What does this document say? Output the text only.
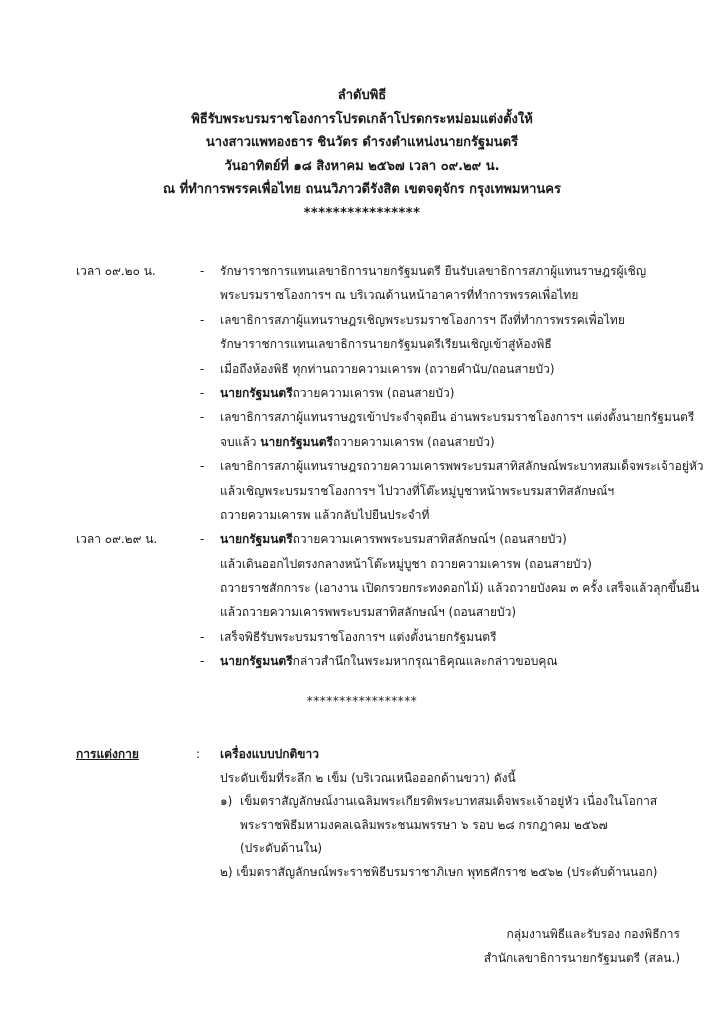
ลำดับพิธี
พิธีรับพระบรมราชโองการโปรดเกล้าโปรดกระหม่อมแต่งตั้งให้
นางสาวแพทองธาร ชินวัตร ดำรงตำแหน่งนายกรัฐมนตรี
วันอาทิตย์ที่ ๑๘ สิงหาคม ๒๕๖๗ เวลา ๐๙.๒๙ น.
ณ ที่ทำการพรรคเพื่อไทย ถนนวิภาวดีรังสิต เขตจตุจักร กรุงเทพมหานคร
****************
เวลา ๐๙.๒๐ น.	- รักษาราชการแทนเลขาธิการนายกรัฐมนตรี ยืนรับเลขาธิการสภาผู้แทนราษฎรผู้เชิญ
พระบรมราชโองการฯ ณ บริเวณด้านหน้าอาคารที่ทำการพรรคเพื่อไทย
- เลขาธิการสภาผู้แทนราษฎรเชิญพระบรมราชโองการฯ ถึงที่ทำการพรรคเพื่อไทย
รักษาราชการแทนเลขาธิการนายกรัฐมนตรีเรียนเชิญเข้าสู่ห้องพิธี
- เมื่อถึงห้องพิธี ทุกท่านถวายความเคารพ (ถวายคำนับ/ถอนสายบัว)
- นายกรัฐมนตรีถวายความเคารพ (ถอนสายบัว)
- เลขาธิการสภาผู้แทนราษฎรเข้าประจำจุดยืน อ่านพระบรมราชโองการฯ แต่งตั้งนายกรัฐมนตรี
จบแล้ว นายกรัฐมนตรีถวายความเคารพ (ถอนสายบัว)
- เลขาธิการสภาผู้แทนราษฎรถวายความเคารพพระบรมสาทิสลักษณ์พระบาทสมเด็จพระเจ้าอยู่หัว
แล้วเชิญพระบรมราชโองการฯ ไปวางที่โต๊ะหมู่บูชาหน้าพระบรมสาทิสลักษณ์ฯ
ถวายความเคารพ แล้วกลับไปยืนประจำที่
เวลา ๐๙.๒๙ น.	- นายกรัฐมนตรีถวายความเคารพพระบรมสาทิสลักษณ์ฯ (ถอนสายบัว)
แล้วเดินออกไปตรงกลางหน้าโต๊ะหมู่บูชา ถวายความเคารพ (ถอนสายบัว)
ถวายราชสักการะ (เอางาน เปิดกรวยกระทงดอกไม้) แล้วถวายบังคม ๓ ครั้ง เสร็จแล้วลุกขึ้นยืน
แล้วถวายความเคารพพระบรมสาทิสลักษณ์ฯ (ถอนสายบัว)
- เสร็จพิธีรับพระบรมราชโองการฯ แต่งตั้งนายกรัฐมนตรี
- นายกรัฐมนตรีกล่าวสำนึกในพระมหากรุณาธิคุณและกล่าวขอบคุณ
*****************
การแต่งกาย	: เครื่องแบบปกติขาว
ประดับเข็มที่ระลึก ๒ เข็ม (บริเวณเหนือออกด้านขวา) ดังนี้
๑) เข็มตราสัญลักษณ์งานเฉลิมพระเกียรติพระบาทสมเด็จพระเจ้าอยู่หัว เนื่องในโอกาส
พระราชพิธีมหามงคลเฉลิมพระชนมพรรษา ๖ รอบ ๒๘ กรกฎาคม ๒๕๖๗
(ประดับด้านใน)
๒) เข็มตราสัญลักษณ์พระราชพิธีบรมราชาภิเษก พุทธศักราช ๒๕๖๒ (ประดับด้านนอก)
กลุ่มงานพิธีและรับรอง กองพิธีการ
สำนักเลขาธิการนายกรัฐมนตรี (สลน.)
